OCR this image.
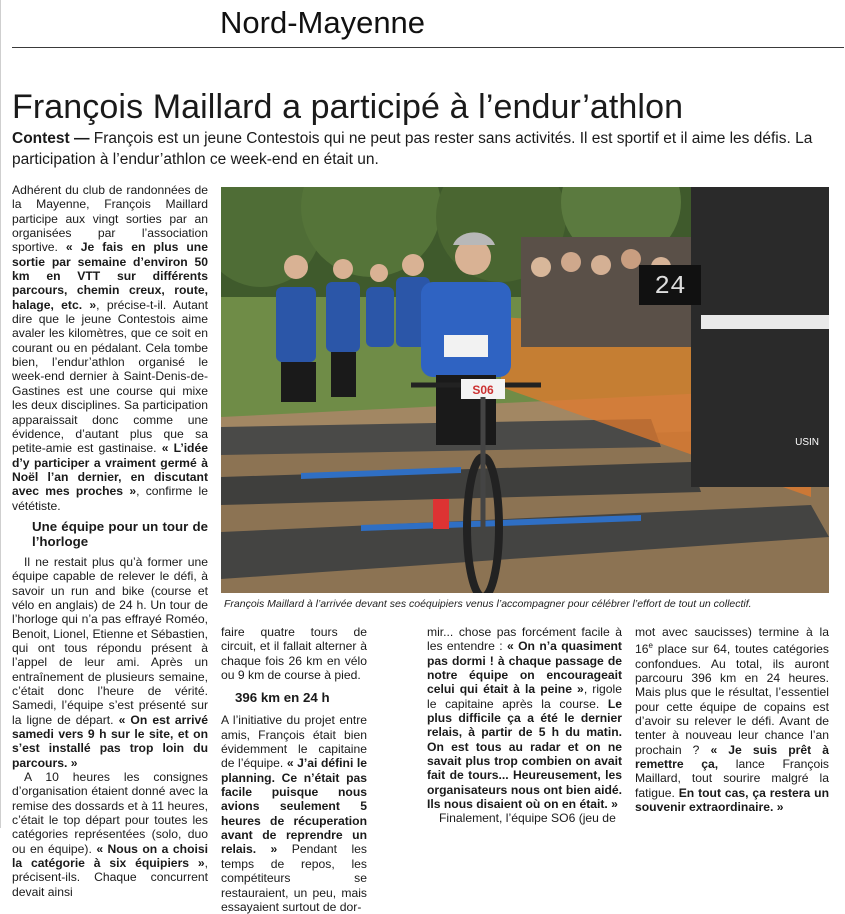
Nord-Mayenne
François Maillard a participé à l’endur’athlon
Contest — François est un jeune Contestois qui ne peut pas rester sans activités. Il est sportif et il aime les défis. La participation à l’endur’athlon ce week-end en était un.

Adhérent du club de randonnées de la Mayenne, François Maillard participe aux vingt sorties par an organisées par l’association sportive. « Je fais en plus une sortie par semaine d’environ 50 km en VTT sur différents parcours, chemin creux, route, halage, etc. », précise-t-il. Autant dire que le jeune Contestois aime avaler les kilomètres, que ce soit en courant ou en pédalant. Cela tombe bien, l’endur’athlon organisé le week-end dernier à Saint-Denis-de-Gastines est une course qui mixe les deux disciplines. Sa participation apparaissait donc comme une évidence, d’autant plus que sa petite-amie est gastinaise. « L’idée d’y participer a vraiment germé à Noël l’an dernier, en discutant avec mes proches », confirme le vététiste.

Une équipe pour un tour de l’horloge

Il ne restait plus qu’à former une équipe capable de relever le défi, à savoir un run and bike (course et vélo en anglais) de 24 h. Un tour de l’horloge qui n’a pas effrayé Roméo, Benoit, Lionel, Etienne et Sébastien, qui ont tous répondu présent à l’appel de leur ami. Après un entraînement de plusieurs semaine, c’était donc l’heure de vérité. Samedi, l’équipe s’est présenté sur la ligne de départ. « On est arrivé samedi vers 9 h sur le site, et on s’est installé pas trop loin du parcours. »

A 10 heures les consignes d’organisation étaient donné avec la remise des dossards et à 11 heures, c’était le top départ pour toutes les catégories représentées (solo, duo ou en équipe). « Nous on a choisi la catégorie à six équipiers », précisent-ils. Chaque concurrent devait ainsi

24
USIN
S06
François Maillard à l’arrivée devant ses coéquipiers venus l’accompagner pour célébrer l’effort de tout un collectif.

faire quatre tours de circuit, et il fallait alterner à chaque fois 26 km en vélo ou 9 km de course à pied.

396 km en 24 h

A l’initiative du projet entre amis, François était bien évidemment le capitaine de l’équipe. « J’ai défini le planning. Ce n’était pas facile puisque nous avions seulement 5 heures de récuperation avant de reprendre un relais. » Pendant les temps de repos, les compétiteurs se restauraient, un peu, mais essayaient surtout de dor-

mir... chose pas forcément facile à les entendre : « On n’a quasiment pas dormi ! à chaque passage de notre équipe on encourageait celui qui était à la peine », rigole le capitaine après la course. Le plus difficile ça a été le dernier relais, à partir de 5 h du matin. On est tous au radar et on ne savait plus trop combien on avait fait de tours... Heureusement, les organisateurs nous ont bien aidé. Ils nous disaient où on en était. »

Finalement, l’équipe SO6 (jeu de

mot avec saucisses) termine à la 16e place sur 64, toutes catégories confondues. Au total, ils auront parcouru 396 km en 24 heures. Mais plus que le résultat, l’essentiel pour cette équipe de copains est d’avoir su relever le défi. Avant de tenter à nouveau leur chance l’an prochain ? « Je suis prêt à remettre ça, lance François Maillard, tout sourire malgré la fatigue. En tout cas, ça restera un souvenir extraordinaire. »
